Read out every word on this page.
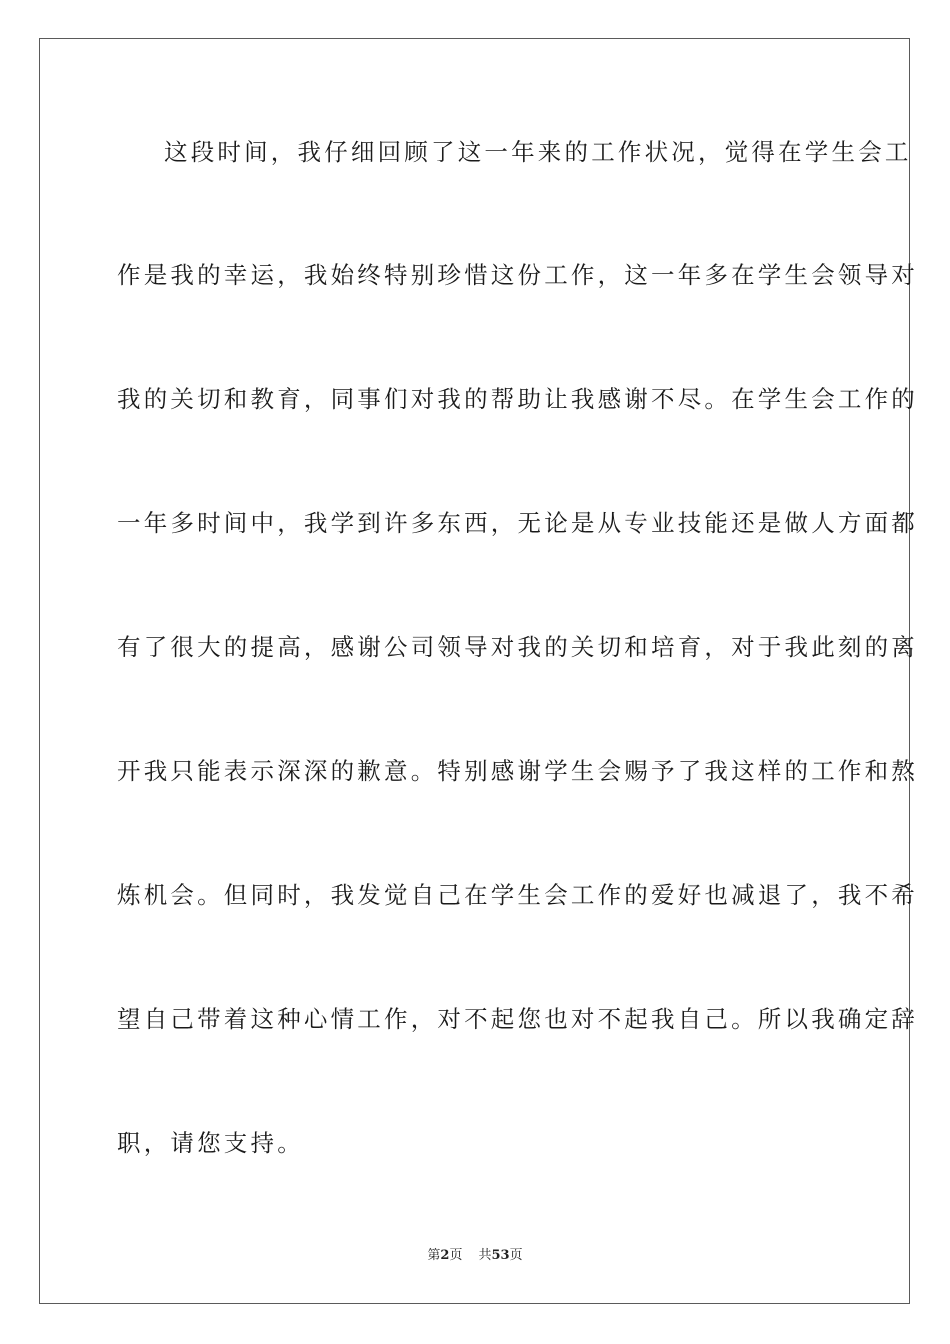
这段时间，我仔细回顾了这一年来的工作状况，觉得在学生会工
作是我的幸运，我始终特别珍惜这份工作，这一年多在学生会领导对
我的关切和教育，同事们对我的帮助让我感谢不尽。在学生会工作的
一年多时间中，我学到许多东西，无论是从专业技能还是做人方面都
有了很大的提高，感谢公司领导对我的关切和培育，对于我此刻的离
开我只能表示深深的歉意。特别感谢学生会赐予了我这样的工作和熬
炼机会。但同时，我发觉自己在学生会工作的爱好也减退了，我不希
望自己带着这种心情工作，对不起您也对不起我自己。所以我确定辞
职，请您支持。
第2页 共53页
